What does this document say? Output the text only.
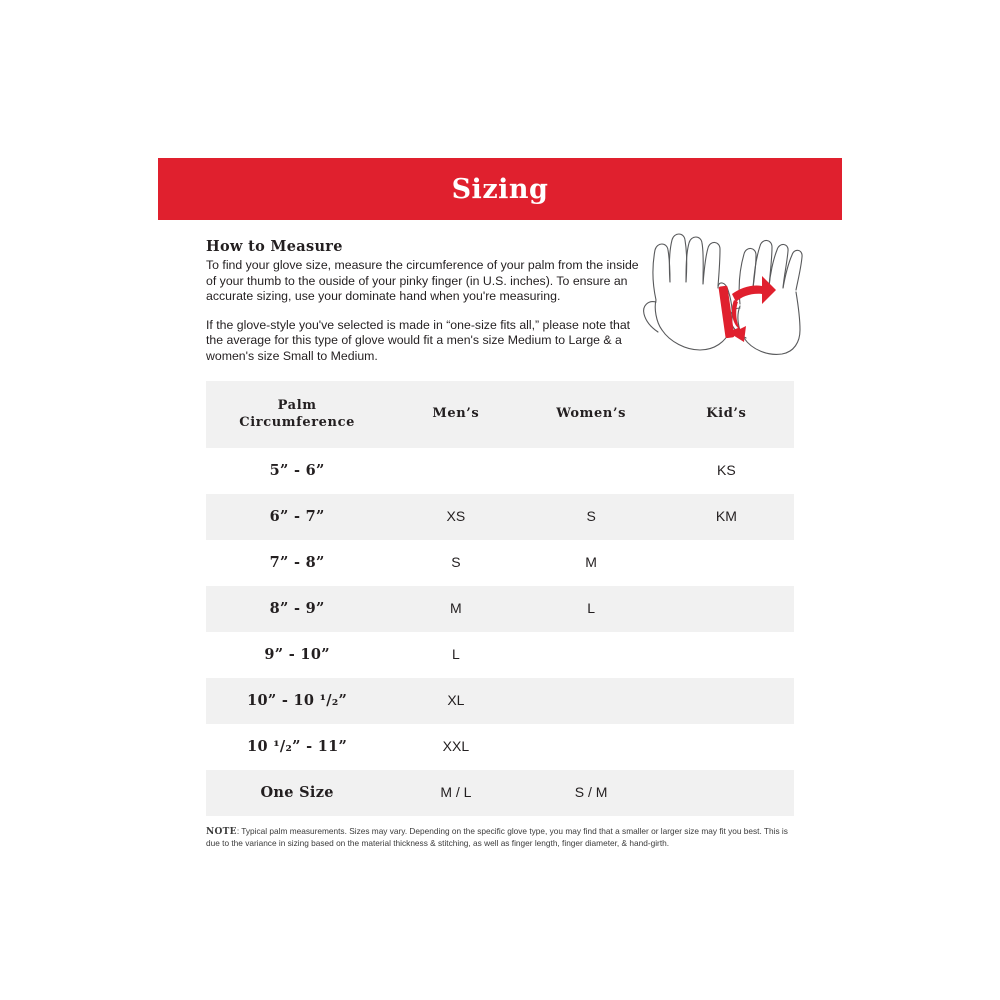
Sizing
How to Measure

To find your glove size, measure the circumference of your palm from the inside of your thumb to the ouside of your pinky finger (in U.S. inches). To ensure an accurate sizing, use your dominate hand when you're measuring.

If the glove-style you've selected is made in “one-size fits all,” please note that the average for this type of glove would fit a men's size Medium to Large & a women's size Small to Medium.

Palm
Circumference	Men’s	Women’s	Kid’s
5” - 6”			KS
6” - 7”	XS	S	KM
7” - 8”	S	M	
8” - 9”	M	L	
9” - 10”	L		
10” - 10 ¹/₂”	XL		
10 ¹/₂” - 11”	XXL		
One Size	M / L	S / M	
NOTE: Typical palm measurements. Sizes may vary. Depending on the specific glove type, you may find that a smaller or larger size may fit you best. This is due to the variance in sizing based on the material thickness & stitching, as well as finger length, finger diameter, & hand-girth.
